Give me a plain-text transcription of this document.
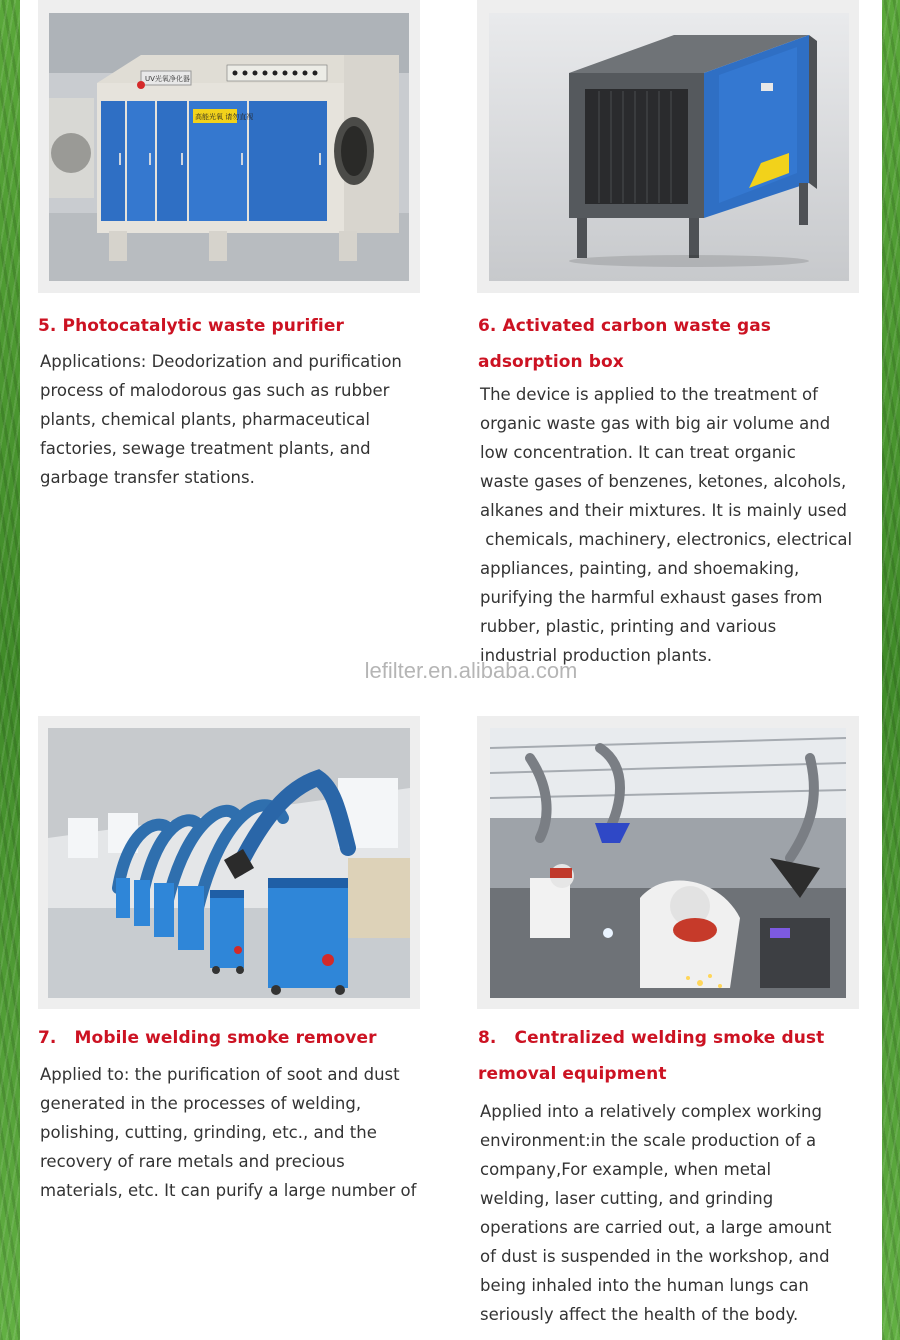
UV光氧净化器
高能光氧 请勿直视
5. Photocatalytic waste purifier
Applications: Deodorization and purification
process of malodorous gas such as rubber
plants, chemical plants, pharmaceutical
factories, sewage treatment plants, and
garbage transfer stations.
6. Activated carbon waste gas
adsorption box
The device is applied to the treatment of
organic waste gas with big air volume and
low concentration. It can treat organic
waste gases of benzenes, ketones, alcohols,
alkanes and their mixtures. It is mainly used
chemicals, machinery, electronics, electrical
appliances, painting, and shoemaking,
purifying the harmful exhaust gases from
rubber, plastic, printing and various
industrial production plants.
lefilter.en.alibaba.com
7.   Mobile welding smoke remover
Applied to: the purification of soot and dust
generated in the processes of welding,
polishing, cutting, grinding, etc., and the
recovery of rare metals and precious
materials, etc. It can purify a large number of
8.   Centralized welding smoke dust
removal equipment
Applied into a relatively complex working
environment:in the scale production of a
company,For example, when metal
welding, laser cutting, and grinding
operations are carried out, a large amount
of dust is suspended in the workshop, and
being inhaled into the human lungs can
seriously affect the health of the body.
